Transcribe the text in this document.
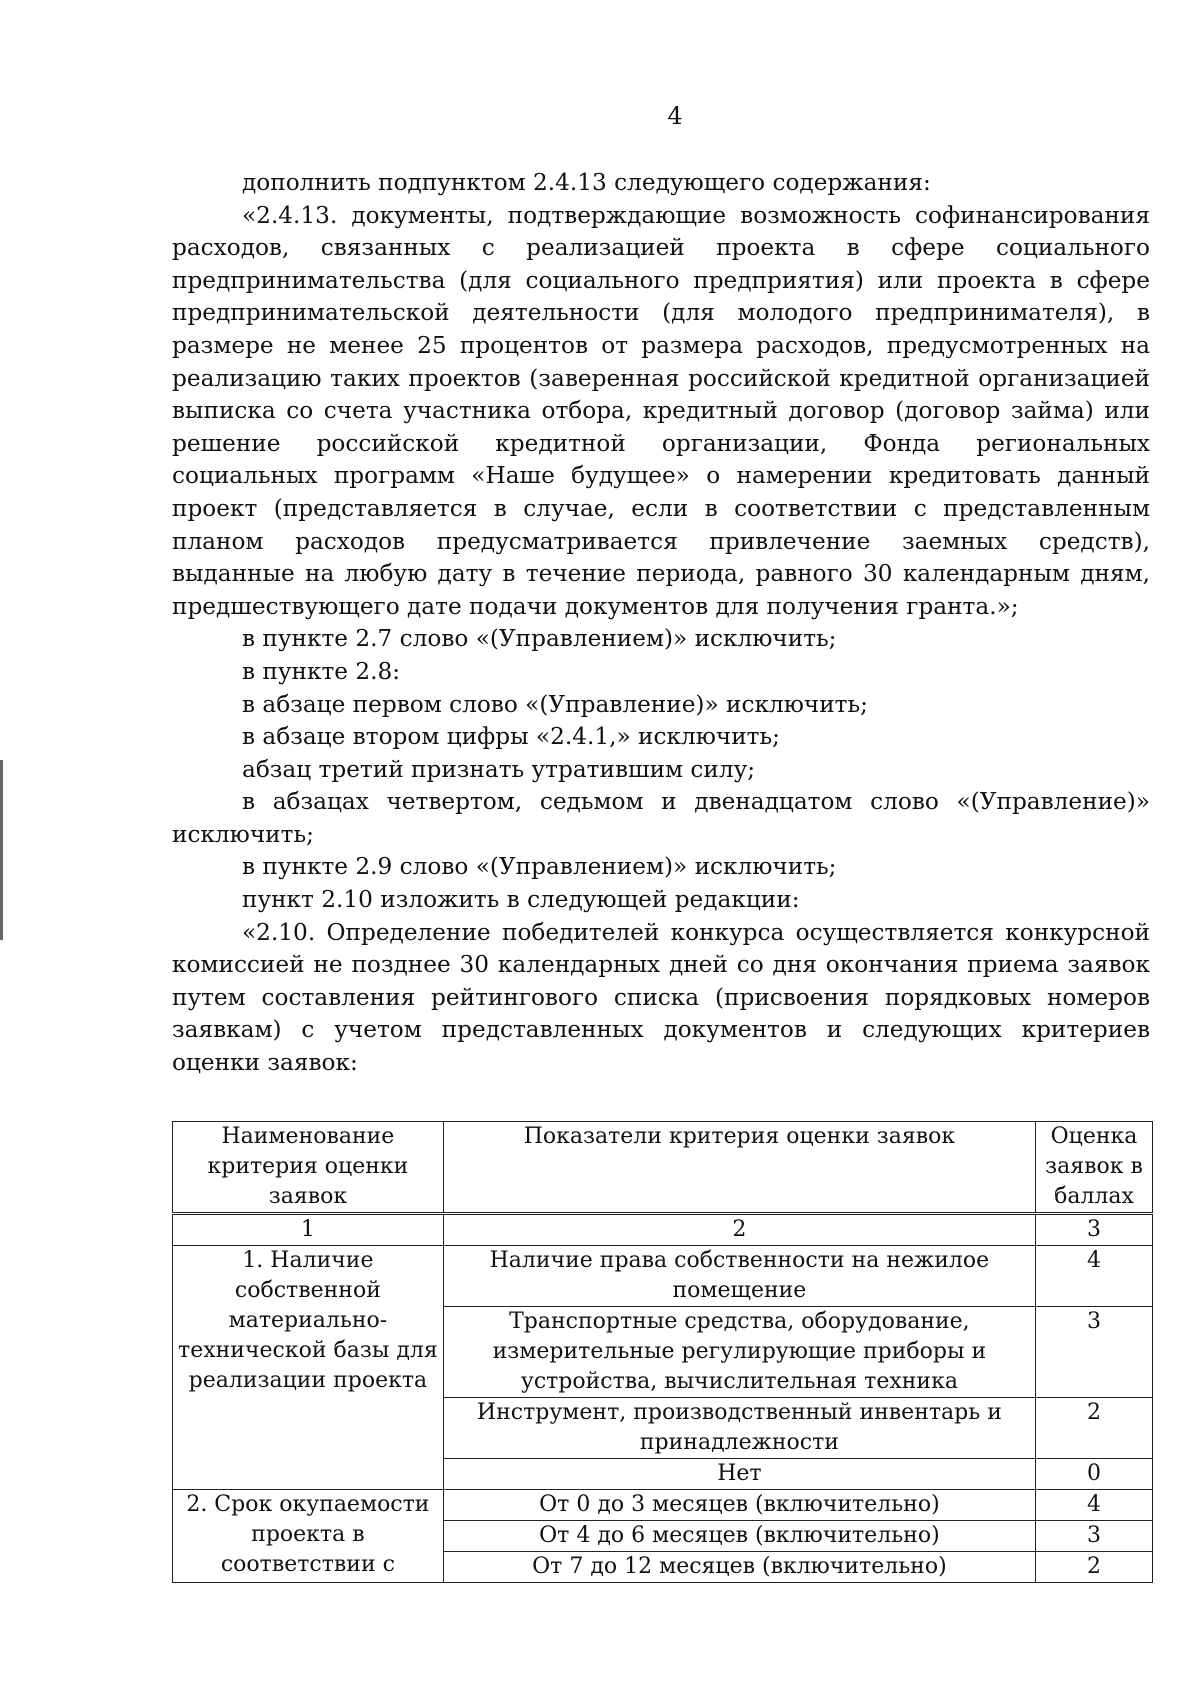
4

дополнить подпунктом 2.4.13 следующего содержания:

«2.4.13. документы, подтверждающие возможность софинансирования расходов, связанных с реализацией проекта в сфере социального предпринимательства (для социального предприятия) или проекта в сфере предпринимательской деятельности (для молодого предпринимателя), в размере не менее 25 процентов от размера расходов, предусмотренных на реализацию таких проектов (заверенная российской кредитной организацией выписка со счета участника отбора, кредитный договор (договор займа) или решение российской кредитной организации, Фонда региональных социальных программ «Наше будущее» о намерении кредитовать данный проект (представляется в случае, если в соответствии с представленным планом расходов предусматривается привлечение заемных средств), выданные на любую дату в течение периода, равного 30 календарным дням, предшествующего дате подачи документов для получения гранта.»;

в пункте 2.7 слово «(Управлением)» исключить;

в пункте 2.8:

в абзаце первом слово «(Управление)» исключить;

в абзаце втором цифры «2.4.1,» исключить;

абзац третий признать утратившим силу;

в абзацах четвертом, седьмом и двенадцатом слово «(Управление)» исключить;

в пункте 2.9 слово «(Управлением)» исключить;

пункт 2.10 изложить в следующей редакции:

«2.10. Определение победителей конкурса осуществляется конкурсной комиссией не позднее 30 календарных дней со дня окончания приема заявок путем составления рейтингового списка (присвоения порядковых номеров заявкам) с учетом представленных документов и следующих критериев оценки заявок:

Наименование критерия оценки заявок	Показатели критерия оценки заявок	Оценка заявок в баллах
1	2	3
1. Наличие собственной материально-технической базы для реализации проекта	Наличие права собственности на нежилое помещение	4
	Транспортные средства, оборудование, измерительные регулирующие приборы и устройства, вычислительная техника	3
	Инструмент, производственный инвентарь и принадлежности	2
	Нет	0
2. Срок окупаемости проекта в соответствии с	От 0 до 3 месяцев (включительно)	4
	От 4 до 6 месяцев (включительно)	3
	От 7 до 12 месяцев (включительно)	2
